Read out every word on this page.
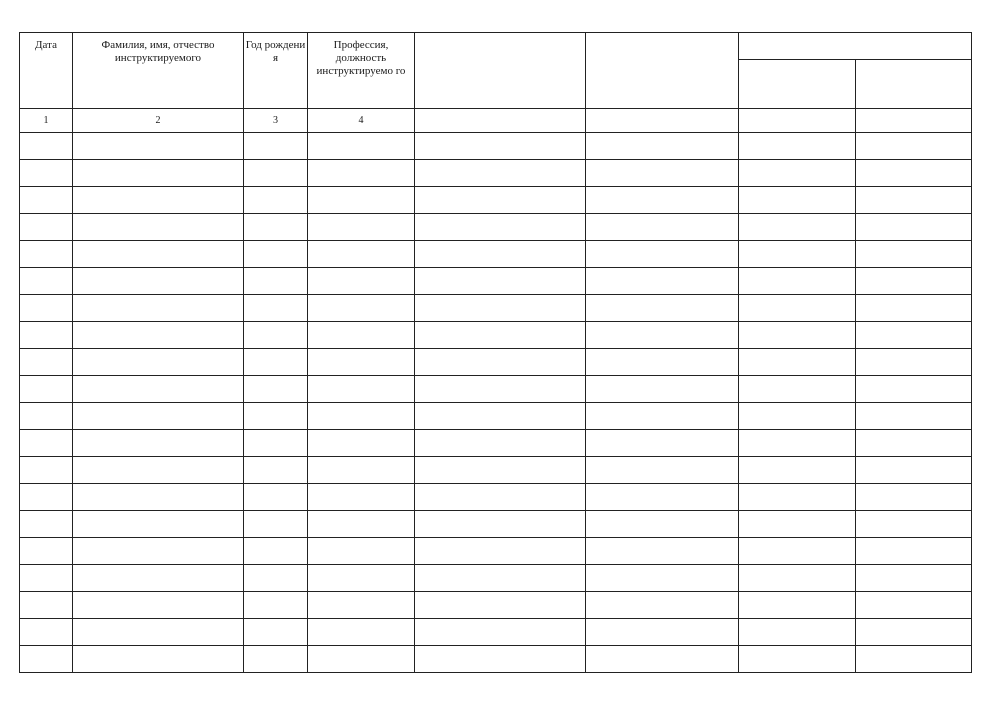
Дата	Фамилия, имя, отчество инструктируемого	Год рождени я	Профессия, должность инструктируемо го				

1	2	3	4				
